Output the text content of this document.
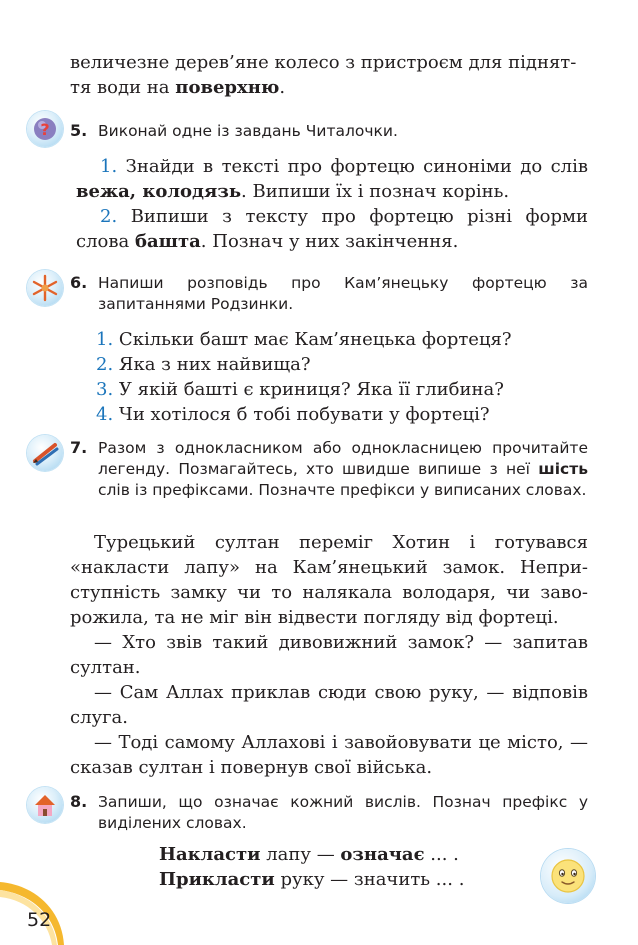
величезне дерев’яне колесо з пристроєм для піднят-
тя води на поверхню.

? 5. Виконай одне із завдань Читалочки.

1. Знайди в тексті про фортецю синоніми до слів вежа, колодязь. Випиши їх і познач корінь.

2. Випиши з тексту про фортецю різні форми слова башта. Познач у них закінчення.

6. Напиши розповідь про Кам’янецьку фортецю за запитаннями Родзинки.

1. Скільки башт має Кам’янецька фортеця?
2. Яка з них найвища?
3. У якій башті є криниця? Яка її глибина?
4. Чи хотілося б тобі побувати у фортеці?
7. Разом з однокласником або однокласницею прочитайте легенду. Позмагайтесь, хто швидше випише з неї шість слів із префіксами. Позначте префікси у виписаних словах.

Турецький султан переміг Хотин і готувався «накласти лапу» на Кам’янецький замок. Неприступність замку чи то налякала володаря, чи заворожила, та не міг він відвести погляду від фортеці.
— Хто звів такий дивовижний замок? — запитав султан.
— Сам Аллах приклав сюди свою руку, — відповів слуга.
— Тоді самому Аллахові і завойовувати це місто, — сказав султан і повернув свої війська.
8. Запиши, що означає кожний вислів. Познач префікс у виділених словах.

Накласти лапу — означає ... .
Прикласти руку — значить ... .
52
